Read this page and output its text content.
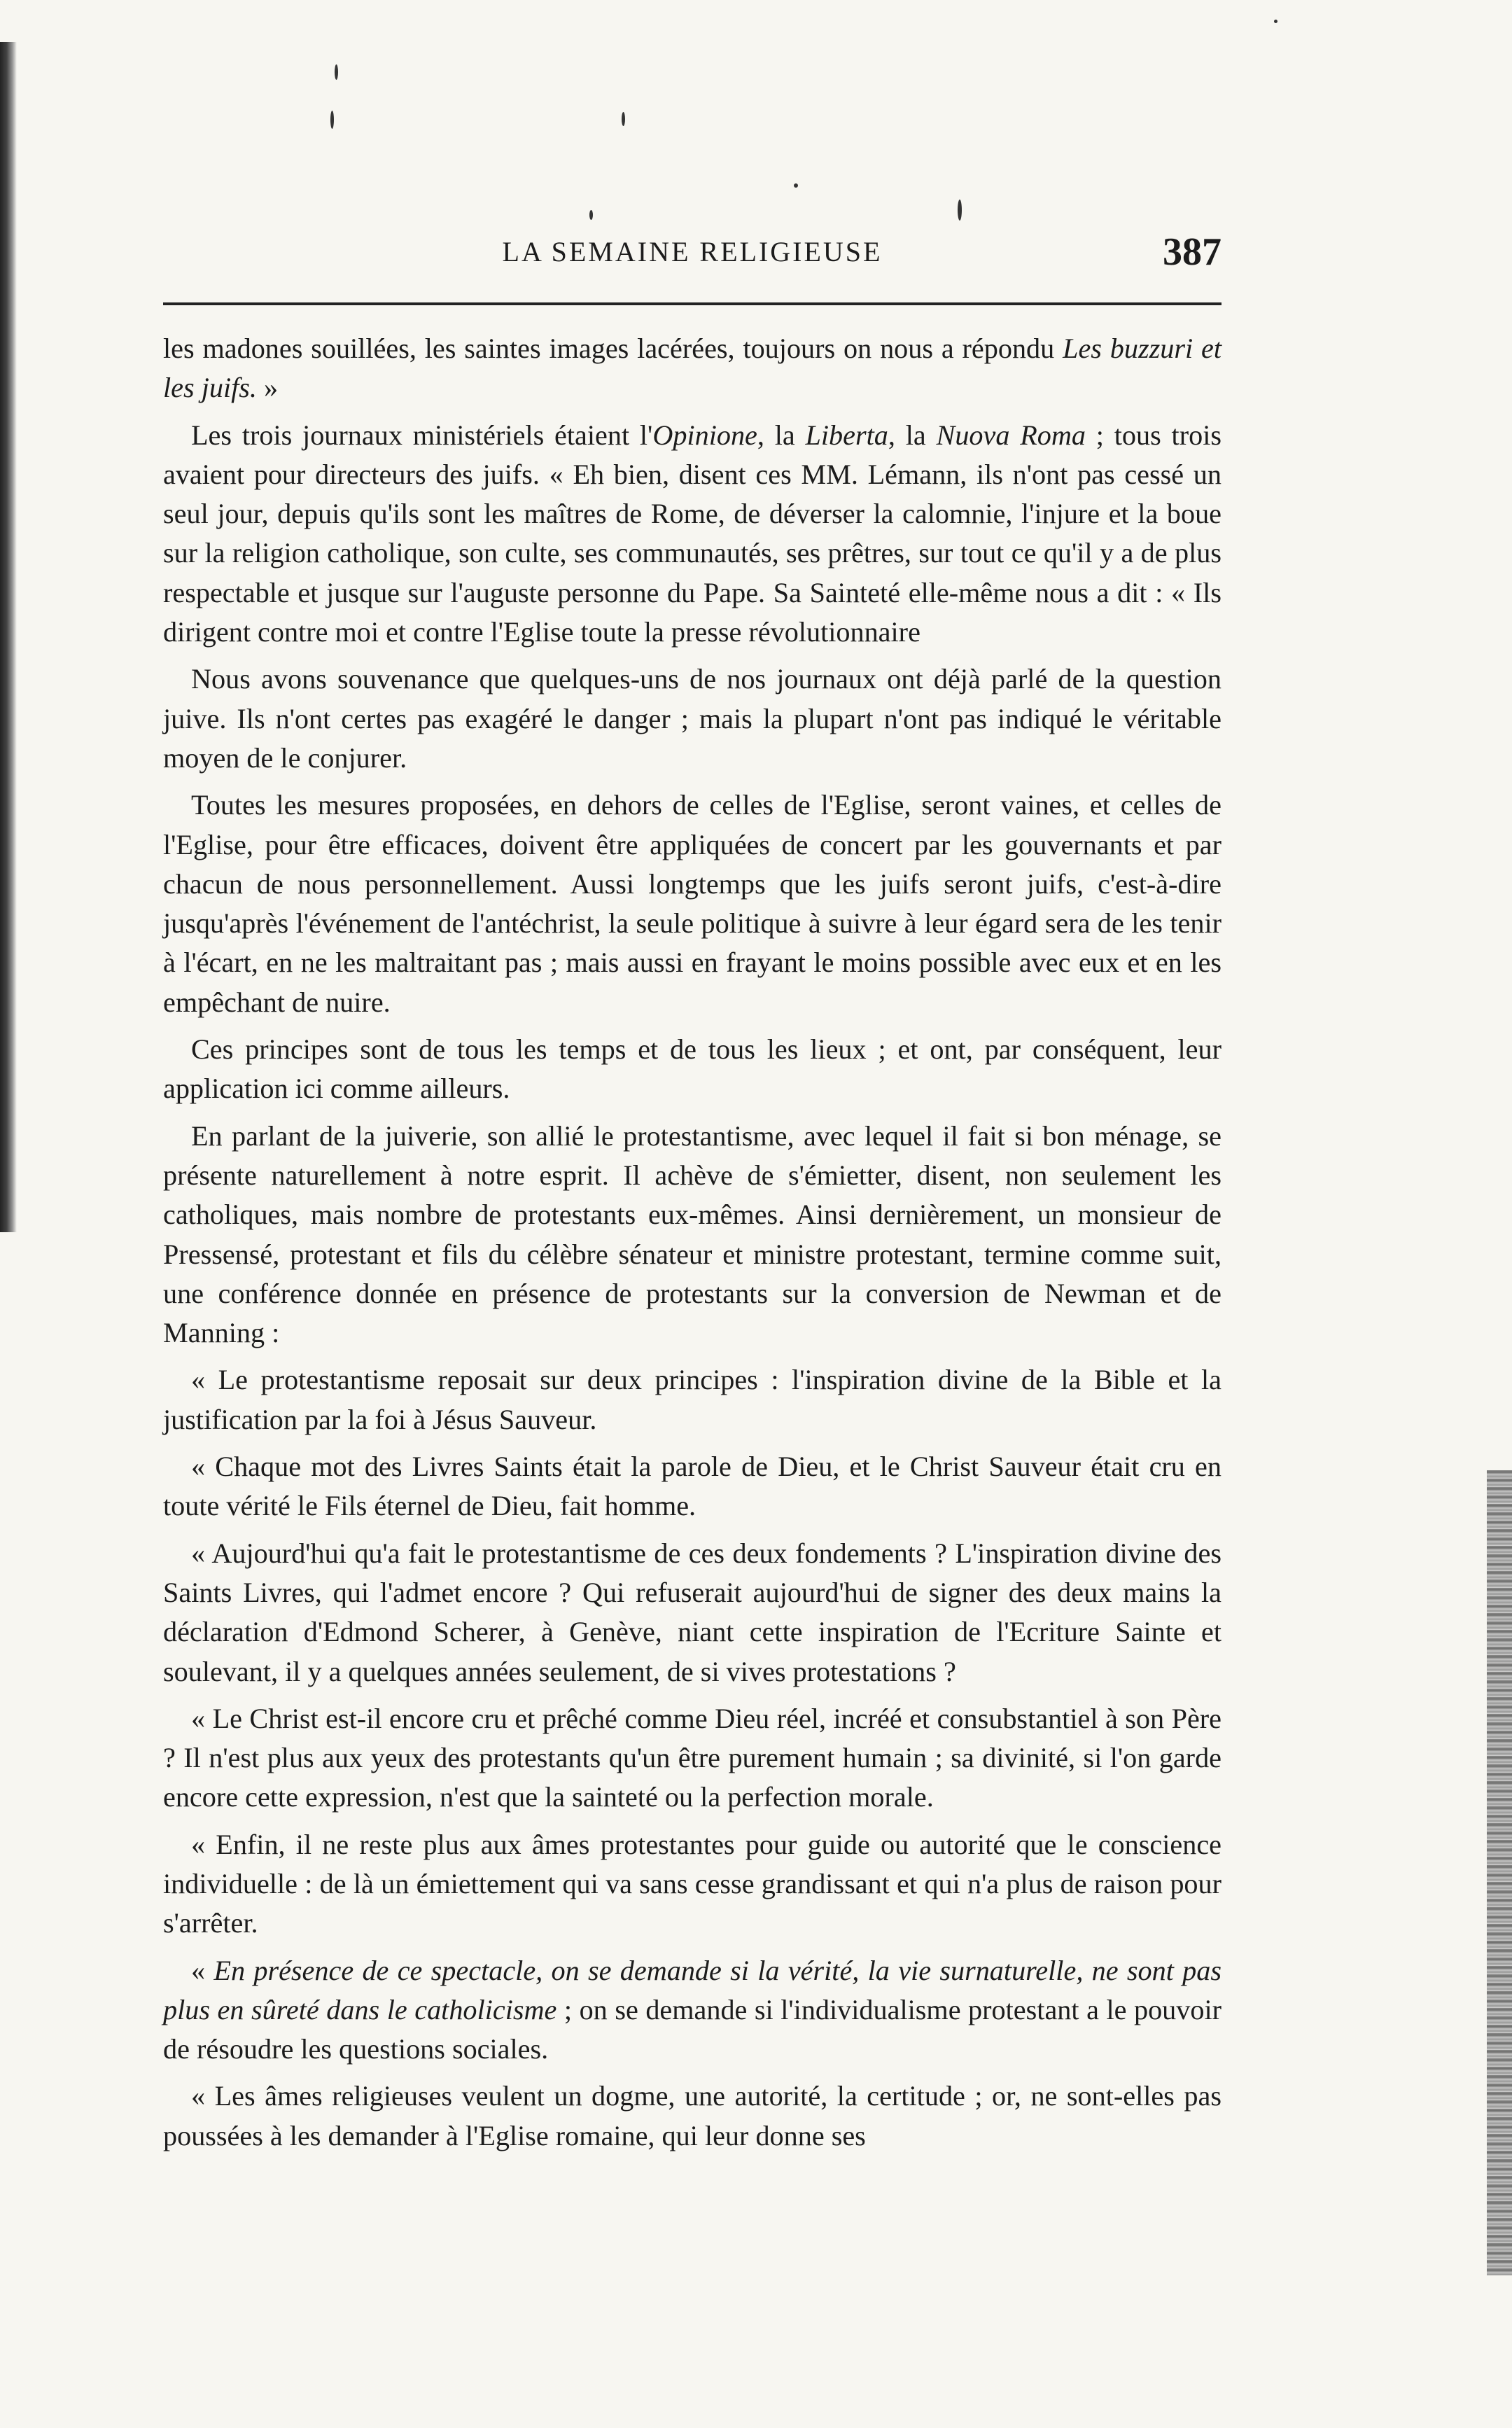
LA SEMAINE RELIGIEUSE	387

les madones souillées, les saintes images lacérées, toujours on nous a répondu Les buzzuri et les juifs. »

Les trois journaux ministériels étaient l'Opinione, la Liberta, la Nuova Roma ; tous trois avaient pour directeurs des juifs. « Eh bien, disent ces MM. Lémann, ils n'ont pas cessé un seul jour, depuis qu'ils sont les maîtres de Rome, de déverser la calomnie, l'injure et la boue sur la religion catholique, son culte, ses communautés, ses prêtres, sur tout ce qu'il y a de plus respectable et jusque sur l'auguste personne du Pape. Sa Sainteté elle-même nous a dit : « Ils dirigent contre moi et contre l'Eglise toute la presse révolutionnaire

Nous avons souvenance que quelques-uns de nos journaux ont déjà parlé de la question juive. Ils n'ont certes pas exagéré le danger ; mais la plupart n'ont pas indiqué le véritable moyen de le conjurer.

Toutes les mesures proposées, en dehors de celles de l'Eglise, seront vaines, et celles de l'Eglise, pour être efficaces, doivent être appliquées de concert par les gouvernants et par chacun de nous personnellement. Aussi longtemps que les juifs seront juifs, c'est-à-dire jusqu'après l'événement de l'antéchrist, la seule politique à suivre à leur égard sera de les tenir à l'écart, en ne les maltraitant pas ; mais aussi en frayant le moins possible avec eux et en les empêchant de nuire.

Ces principes sont de tous les temps et de tous les lieux ; et ont, par conséquent, leur application ici comme ailleurs.

En parlant de la juiverie, son allié le protestantisme, avec lequel il fait si bon ménage, se présente naturellement à notre esprit. Il achève de s'émietter, disent, non seulement les catholiques, mais nombre de protestants eux-mêmes. Ainsi dernièrement, un monsieur de Pressensé, protestant et fils du célèbre sénateur et ministre protestant, termine comme suit, une conférence donnée en présence de protestants sur la conversion de Newman et de Manning :

« Le protestantisme reposait sur deux principes : l'inspiration divine de la Bible et la justification par la foi à Jésus Sauveur.

« Chaque mot des Livres Saints était la parole de Dieu, et le Christ Sauveur était cru en toute vérité le Fils éternel de Dieu, fait homme.

« Aujourd'hui qu'a fait le protestantisme de ces deux fondements ? L'inspiration divine des Saints Livres, qui l'admet encore ? Qui refuserait aujourd'hui de signer des deux mains la déclaration d'Edmond Scherer, à Genève, niant cette inspiration de l'Ecriture Sainte et soulevant, il y a quelques années seulement, de si vives protestations ?

« Le Christ est-il encore cru et prêché comme Dieu réel, incréé et consubstantiel à son Père ? Il n'est plus aux yeux des protestants qu'un être purement humain ; sa divinité, si l'on garde encore cette expression, n'est que la sainteté ou la perfection morale.

« Enfin, il ne reste plus aux âmes protestantes pour guide ou autorité que le conscience individuelle : de là un émiettement qui va sans cesse grandissant et qui n'a plus de raison pour s'arrêter.

« En présence de ce spectacle, on se demande si la vérité, la vie surnaturelle, ne sont pas plus en sûreté dans le catholicisme ; on se demande si l'individualisme protestant a le pouvoir de résoudre les questions sociales.

« Les âmes religieuses veulent un dogme, une autorité, la certitude ; or, ne sont-elles pas poussées à les demander à l'Eglise romaine, qui leur donne ses
